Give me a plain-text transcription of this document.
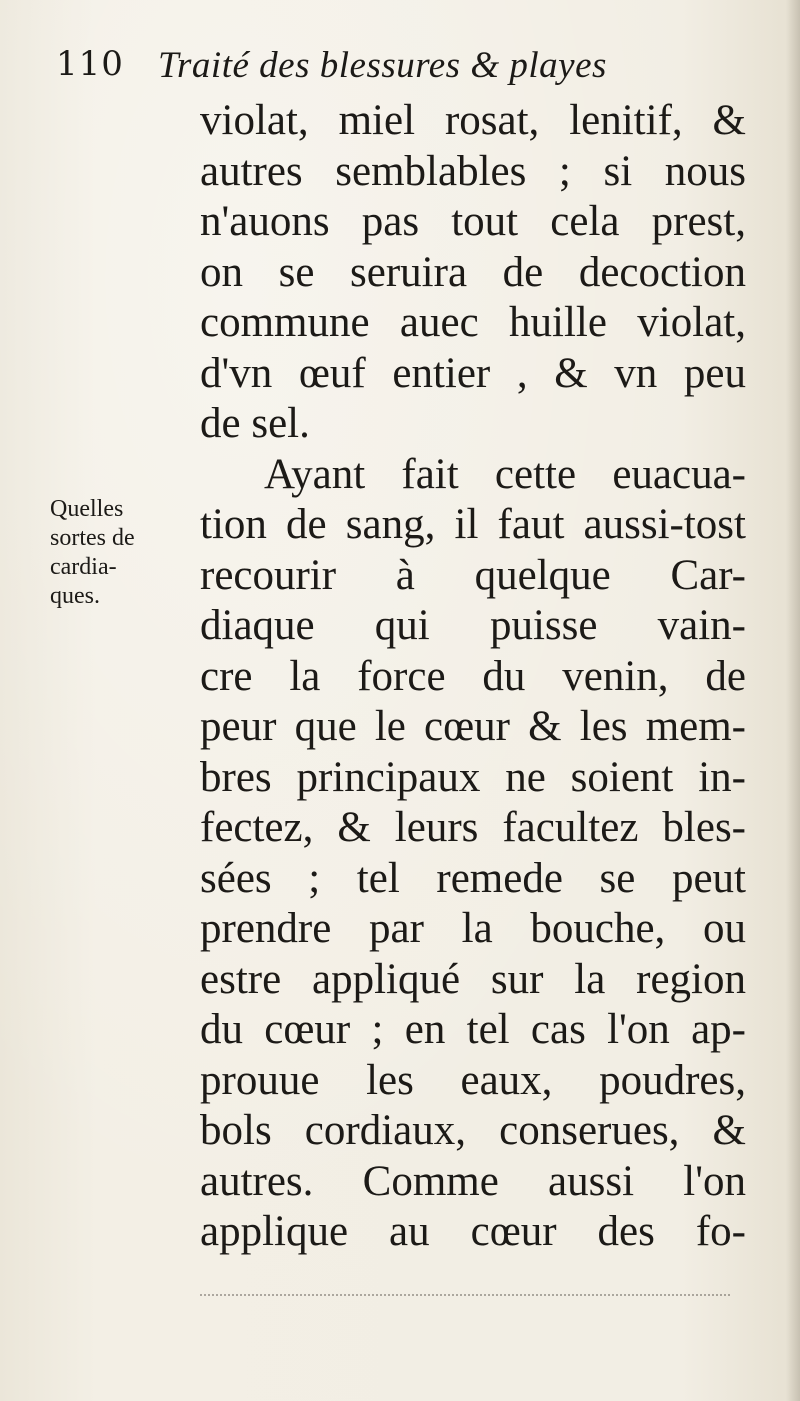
110 Traité des blessures & playes
Quelles
sortes de
cardia-
ques.
violat, miel rosat, lenitif, &
autres semblables ; si nous
n'auons pas tout cela prest,
on se seruira de decoction
commune auec huille violat,
d'vn œuf entier , & vn peu
de sel.
Ayant fait cette euacua-
tion de sang, il faut aussi-tost
recourir à quelque Car-
diaque qui puisse vain-
cre la force du venin, de
peur que le cœur & les mem-
bres principaux ne soient in-
fectez, & leurs facultez bles-
sées ; tel remede se peut
prendre par la bouche, ou
estre appliqué sur la region
du cœur ; en tel cas l'on ap-
prouue les eaux, poudres,
bols cordiaux, conserues, &
autres. Comme aussi l'on
applique au cœur des fo-
